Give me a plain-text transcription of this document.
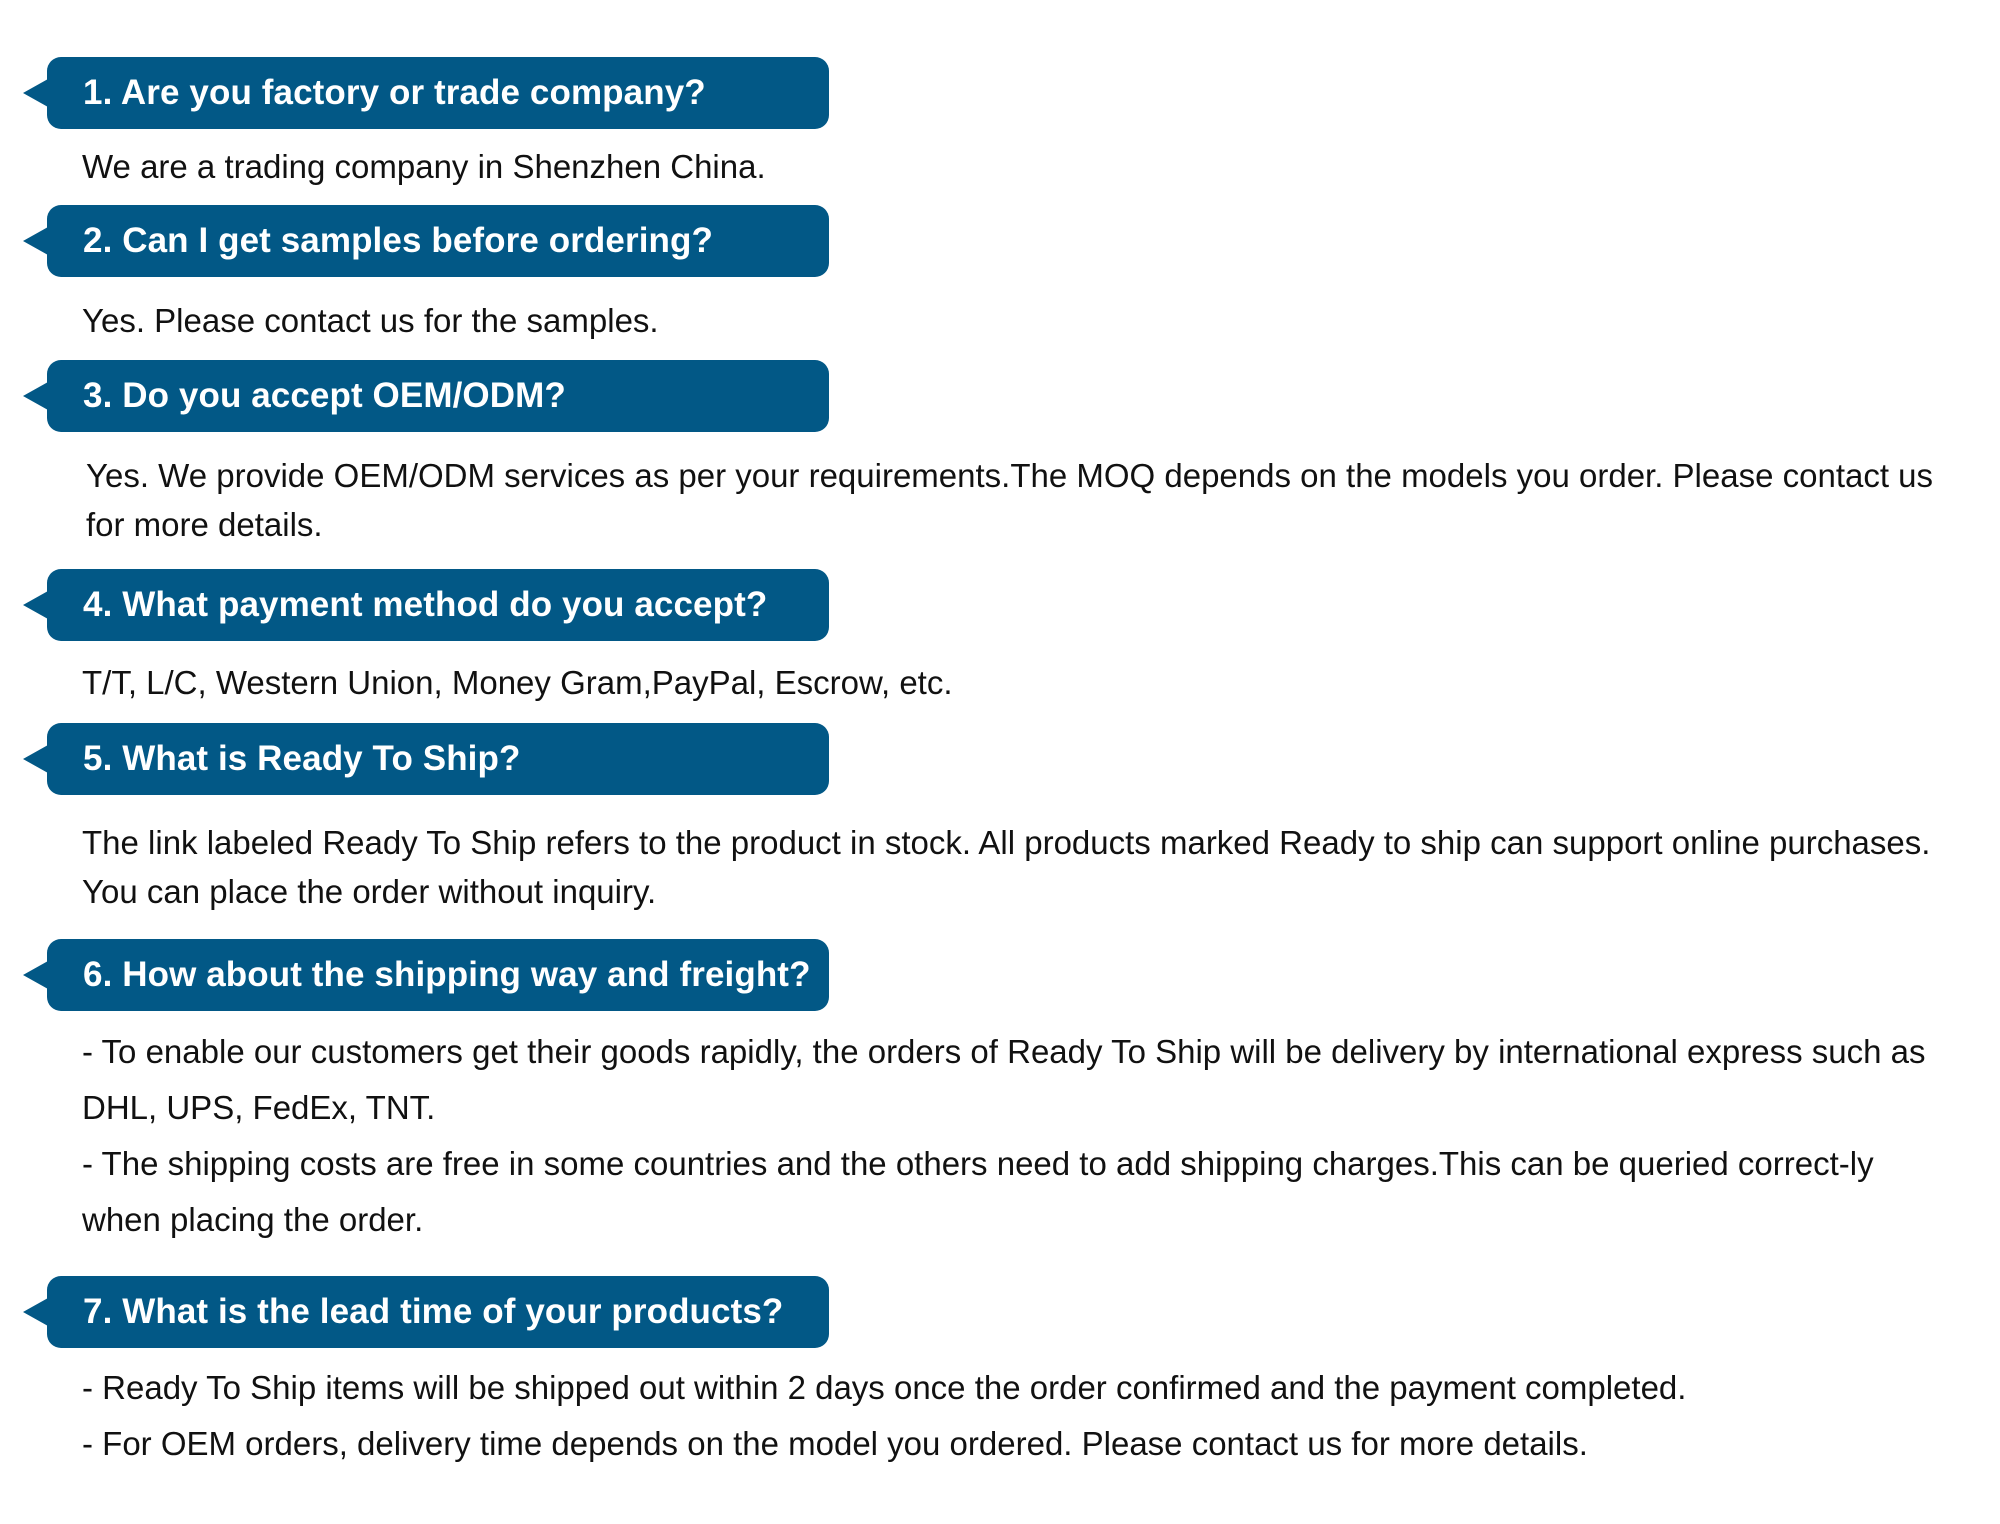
1. Are you factory or trade company?

We are a trading company in Shenzhen China.

2. Can I get samples before ordering?

Yes. Please contact us for the samples.

3. Do you accept OEM/ODM?

Yes. We provide OEM/ODM services as per your requirements.The MOQ depends on the models you order. Please contact us for more details.

4. What payment method do you accept?

T/T, L/C, Western Union, Money Gram,PayPal, Escrow, etc.

5. What is Ready To Ship?

The link labeled Ready To Ship refers to the product in stock. All products marked Ready to ship can support online purchases. You can place the order without inquiry.

6. How about the shipping way and freight?

- To enable our customers get their goods rapidly, the orders of Ready To Ship will be delivery by international express such as DHL, UPS, FedEx, TNT.

- The shipping costs are free in some countries and the others need to add shipping charges.This can be queried correct-ly when placing the order.

7. What is the lead time of your products?

- Ready To Ship items will be shipped out within 2 days once the order confirmed and the payment completed.

- For OEM orders, delivery time depends on the model you ordered. Please contact us for more details.
